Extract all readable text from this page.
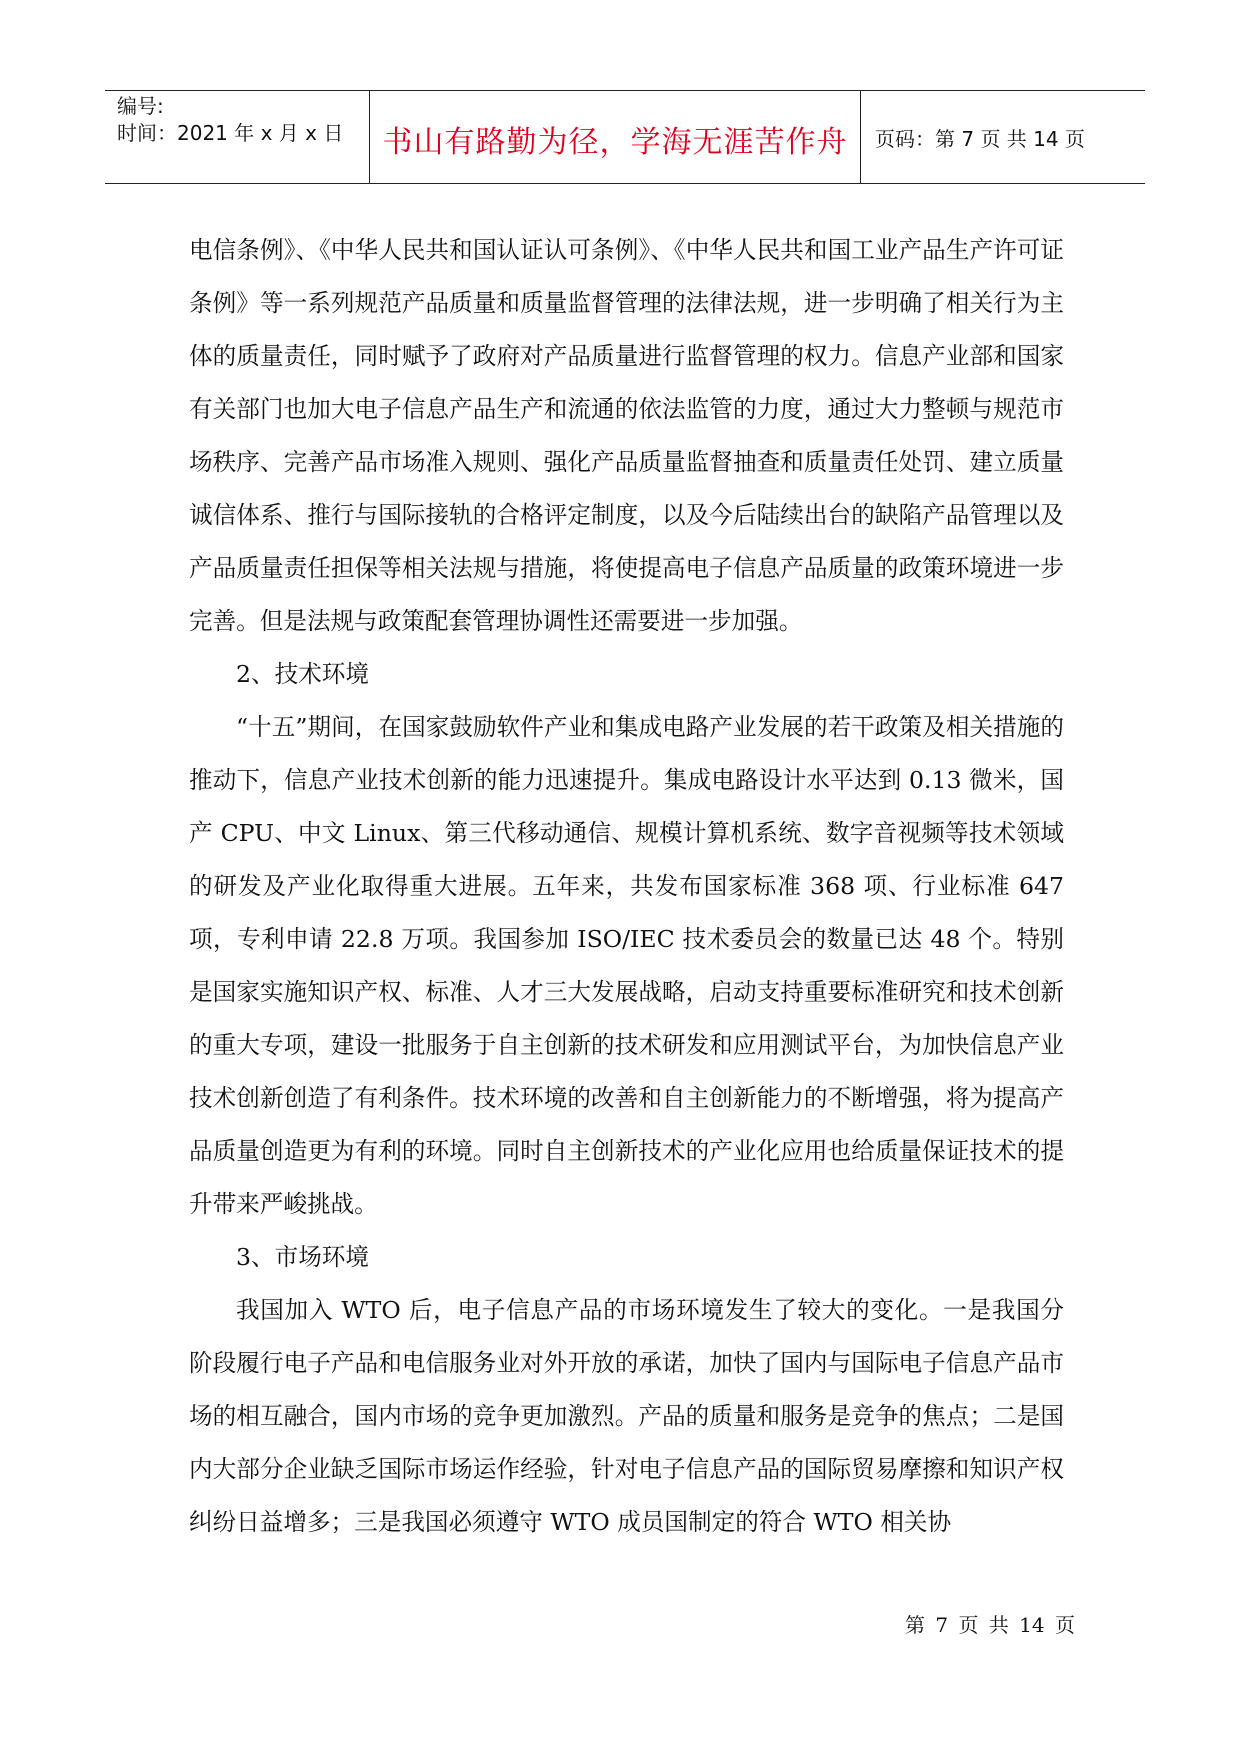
编号:
时间：2021 年 x 月 x 日	书山有路勤为径，学海无涯苦作舟	页码：第 7 页 共 14 页

电信条例》、《中华人民共和国认证认可条例》、《中华人民共和国工业产品生产许可证条例》等一系列规范产品质量和质量监督管理的法律法规，进一步明确了相关行为主体的质量责任，同时赋予了政府对产品质量进行监督管理的权力。信息产业部和国家有关部门也加大电子信息产品生产和流通的依法监管的力度，通过大力整顿与规范市场秩序、完善产品市场准入规则、强化产品质量监督抽查和质量责任处罚、建立质量诚信体系、推行与国际接轨的合格评定制度，以及今后陆续出台的缺陷产品管理以及产品质量责任担保等相关法规与措施，将使提高电子信息产品质量的政策环境进一步完善。但是法规与政策配套管理协调性还需要进一步加强。

2、技术环境

“十五”期间，在国家鼓励软件产业和集成电路产业发展的若干政策及相关措施的推动下，信息产业技术创新的能力迅速提升。集成电路设计水平达到 0.13 微米，国产 CPU、中文 Linux、第三代移动通信、规模计算机系统、数字音视频等技术领域的研发及产业化取得重大进展。五年来，共发布国家标准 368 项、行业标准 647 项，专利申请 22.8 万项。我国参加 ISO/IEC 技术委员会的数量已达 48 个。特别是国家实施知识产权、标准、人才三大发展战略，启动支持重要标准研究和技术创新的重大专项，建设一批服务于自主创新的技术研发和应用测试平台，为加快信息产业技术创新创造了有利条件。技术环境的改善和自主创新能力的不断增强，将为提高产品质量创造更为有利的环境。同时自主创新技术的产业化应用也给质量保证技术的提升带来严峻挑战。

3、市场环境

我国加入 WTO 后，电子信息产品的市场环境发生了较大的变化。一是我国分阶段履行电子产品和电信服务业对外开放的承诺，加快了国内与国际电子信息产品市场的相互融合，国内市场的竞争更加激烈。产品的质量和服务是竞争的焦点；二是国内大部分企业缺乏国际市场运作经验，针对电子信息产品的国际贸易摩擦和知识产权纠纷日益增多；三是我国必须遵守 WTO 成员国制定的符合 WTO 相关协

第 7 页 共 14 页
